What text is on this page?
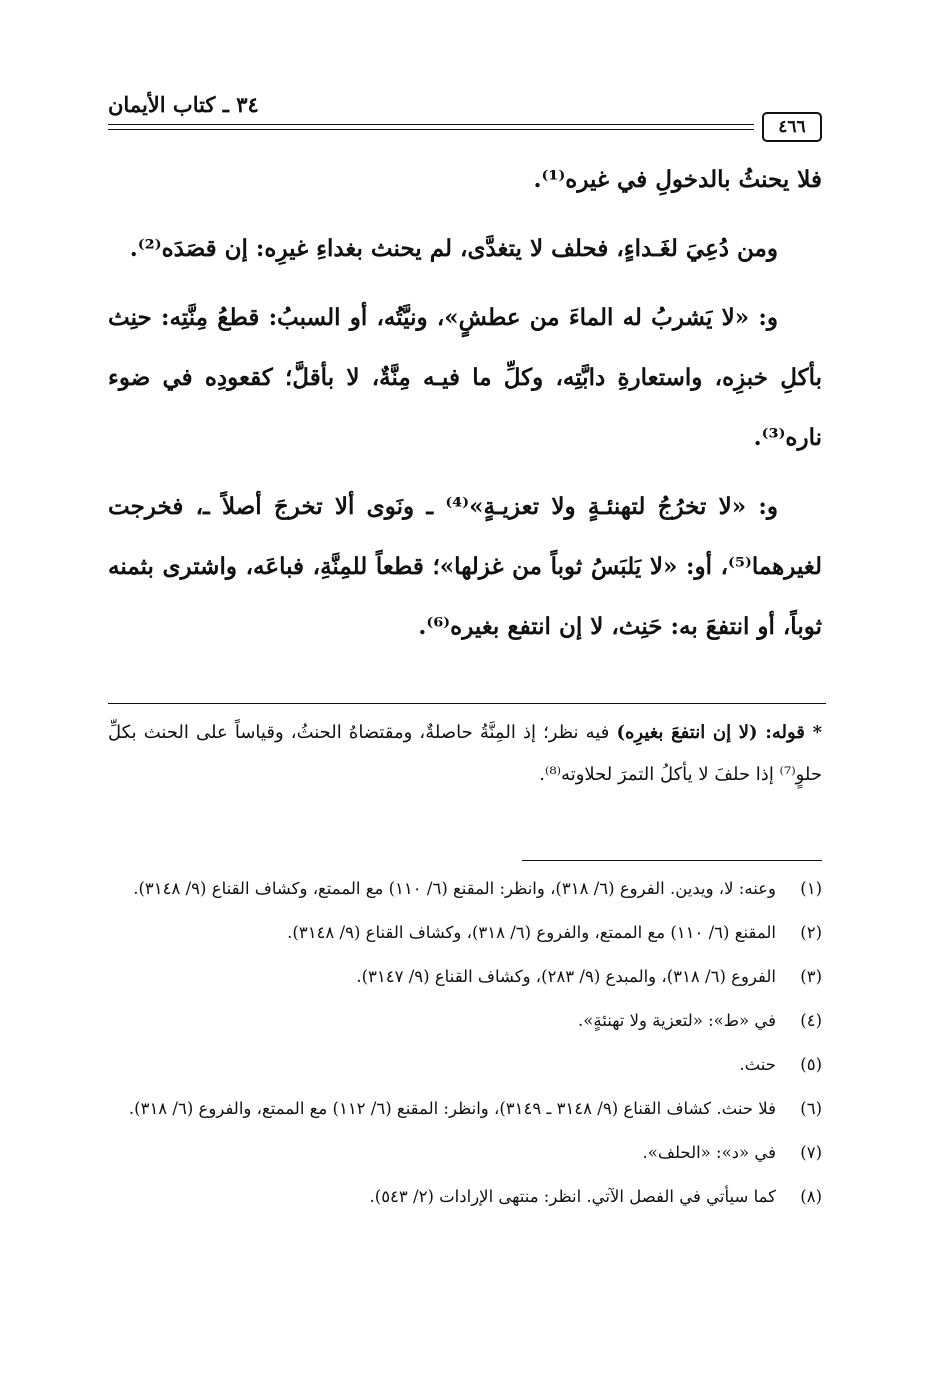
٣٤ ـ كتاب الأيمان
٤٦٦

فلا يحنثُ بالدخولِ في غيره⁽¹⁾.

ومن دُعِيَ لغَـداءٍ، فحلف لا يتغدَّى، لم يحنث بغداءِ غيرِه: إن قصَدَه⁽²⁾.

و: «لا يَشربُ له الماءَ من عطشٍ»، ونيَّتُه، أو السببُ: قطعُ مِنَّتِه: حنِث بأكلِ خبزِه، واستعارةِ دابَّتِه، وكلِّ ما فيـه مِنَّةٌ، لا بأقلَّ؛ كقعودِه في ضوء ناره⁽³⁾.

و: «لا تخرُجُ لتهنئـةٍ ولا تعزيـةٍ»⁽⁴⁾ ـ ونَوى ألا تخرجَ أصلاً ـ، فخرجت لغيرهما⁽⁵⁾، أو: «لا يَلبَسُ ثوباً من غزلها»؛ قطعاً للمِنَّةِ، فباعَه، واشترى بثمنه ثوباً، أو انتفعَ به: حَنِث، لا إن انتفع بغيره⁽⁶⁾.

* قوله: (لا إن انتفعَ بغيرِه) فيه نظر؛ إذ المِنَّةُ حاصلةٌ، ومقتضاهُ الحنثُ، وقياساً على الحنث بكلِّ حلوٍ⁽⁷⁾ إذا حلفَ لا يأكلُ التمرَ لحلاوته⁽⁸⁾.
(١)
وعنه: لا، ويدين. الفروع (٦/ ٣١٨)، وانظر: المقنع (٦/ ١١٠) مع الممتع، وكشاف القناع (٩/ ٣١٤٨).
(٢)
المقنع (٦/ ١١٠) مع الممتع، والفروع (٦/ ٣١٨)، وكشاف القناع (٩/ ٣١٤٨).
(٣)
الفروع (٦/ ٣١٨)، والمبدع (٩/ ٢٨٣)، وكشاف القناع (٩/ ٣١٤٧).
(٤)
في «ط»: «لتعزية ولا تهنئةٍ».
(٥)
حنث.
(٦)
فلا حنث. كشاف القناع (٩/ ٣١٤٨ ـ ٣١٤٩)، وانظر: المقنع (٦/ ١١٢) مع الممتع، والفروع (٦/ ٣١٨).
(٧)
في «د»: «الحلف».
(٨)
كما سيأتي في الفصل الآتي. انظر: منتهى الإرادات (٢/ ٥٤٣).
